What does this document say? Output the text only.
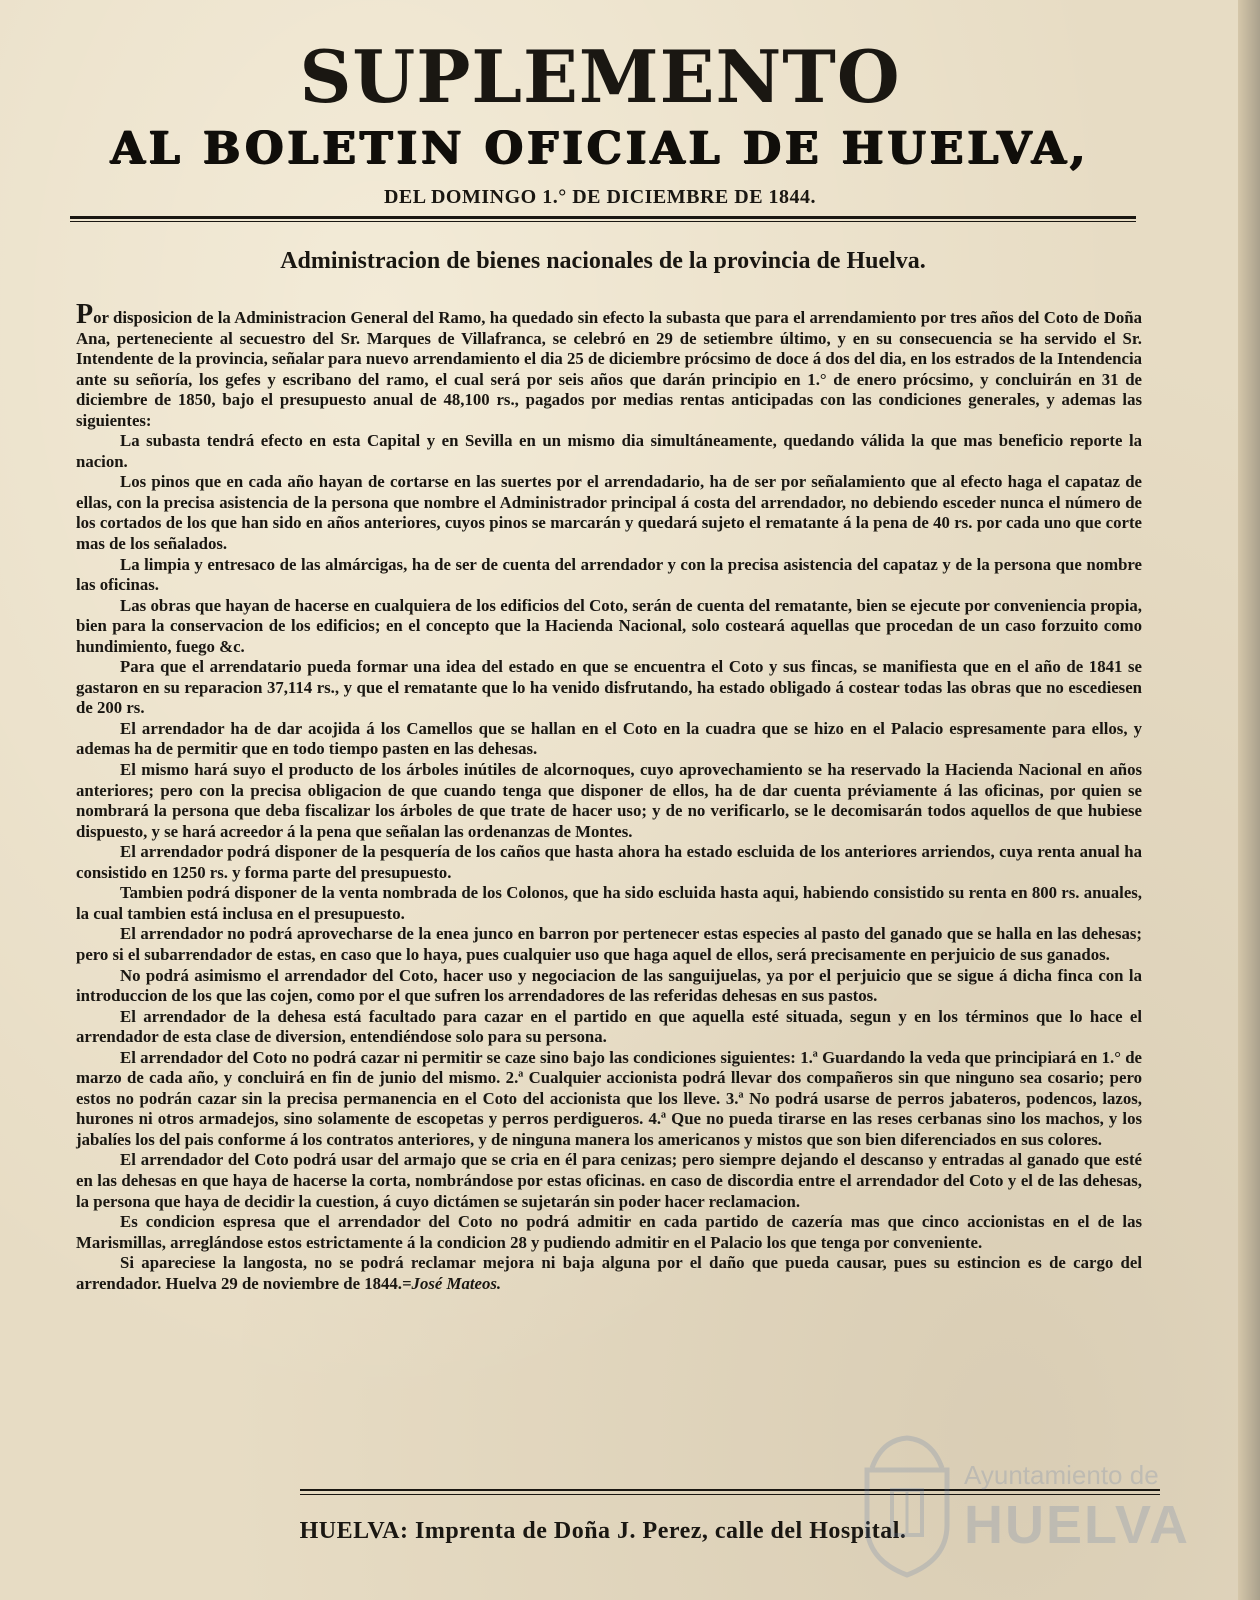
SUPLEMENTO
AL BOLETIN OFICIAL DE HUELVA,
DEL DOMINGO 1.° DE DICIEMBRE DE 1844.
Administracion de bienes nacionales de la provincia de Huelva.

Por disposicion de la Administracion General del Ramo, ha quedado sin efecto la subasta que para el arrendamiento por tres años del Coto de Doña Ana, perteneciente al secuestro del Sr. Marques de Villafranca, se celebró en 29 de setiembre último, y en su consecuencia se ha servido el Sr. Intendente de la provincia, señalar para nuevo arrendamiento el dia 25 de diciembre prócsimo de doce á dos del dia, en los estrados de la Intendencia ante su señoría, los gefes y escribano del ramo, el cual será por seis años que darán principio en 1.° de enero prócsimo, y concluirán en 31 de diciembre de 1850, bajo el presupuesto anual de 48,100 rs., pagados por medias rentas anticipadas con las condiciones generales, y ademas las siguientes:

La subasta tendrá efecto en esta Capital y en Sevilla en un mismo dia simultáneamente, quedando válida la que mas beneficio reporte la nacion.

Los pinos que en cada año hayan de cortarse en las suertes por el arrendadario, ha de ser por señalamiento que al efecto haga el capataz de ellas, con la precisa asistencia de la persona que nombre el Administrador principal á costa del arrendador, no debiendo esceder nunca el número de los cortados de los que han sido en años anteriores, cuyos pinos se marcarán y quedará sujeto el rematante á la pena de 40 rs. por cada uno que corte mas de los señalados.

La limpia y entresaco de las almárcigas, ha de ser de cuenta del arrendador y con la precisa asistencia del capataz y de la persona que nombre las oficinas.

Las obras que hayan de hacerse en cualquiera de los edificios del Coto, serán de cuenta del rematante, bien se ejecute por conveniencia propia, bien para la conservacion de los edificios; en el concepto que la Hacienda Nacional, solo costeará aquellas que procedan de un caso forzuito como hundimiento, fuego &c.

Para que el arrendatario pueda formar una idea del estado en que se encuentra el Coto y sus fincas, se manifiesta que en el año de 1841 se gastaron en su reparacion 37,114 rs., y que el rematante que lo ha venido disfrutando, ha estado obligado á costear todas las obras que no escediesen de 200 rs.

El arrendador ha de dar acojida á los Camellos que se hallan en el Coto en la cuadra que se hizo en el Palacio espresamente para ellos, y ademas ha de permitir que en todo tiempo pasten en las dehesas.

El mismo hará suyo el producto de los árboles inútiles de alcornoques, cuyo aprovechamiento se ha reservado la Hacienda Nacional en años anteriores; pero con la precisa obligacion de que cuando tenga que disponer de ellos, ha de dar cuenta préviamente á las oficinas, por quien se nombrará la persona que deba fiscalizar los árboles de que trate de hacer uso; y de no verificarlo, se le decomisarán todos aquellos de que hubiese dispuesto, y se hará acreedor á la pena que señalan las ordenanzas de Montes.

El arrendador podrá disponer de la pesquería de los caños que hasta ahora ha estado escluida de los anteriores arriendos, cuya renta anual ha consistido en 1250 rs. y forma parte del presupuesto.

Tambien podrá disponer de la venta nombrada de los Colonos, que ha sido escluida hasta aqui, habiendo consistido su renta en 800 rs. anuales, la cual tambien está inclusa en el presupuesto.

El arrendador no podrá aprovecharse de la enea junco en barron por pertenecer estas especies al pasto del ganado que se halla en las dehesas; pero si el subarrendador de estas, en caso que lo haya, pues cualquier uso que haga aquel de ellos, será precisamente en perjuicio de sus ganados.

No podrá asimismo el arrendador del Coto, hacer uso y negociacion de las sanguijuelas, ya por el perjuicio que se sigue á dicha finca con la introduccion de los que las cojen, como por el que sufren los arrendadores de las referidas dehesas en sus pastos.

El arrendador de la dehesa está facultado para cazar en el partido en que aquella esté situada, segun y en los términos que lo hace el arrendador de esta clase de diversion, entendiéndose solo para su persona.

El arrendador del Coto no podrá cazar ni permitir se caze sino bajo las condiciones siguientes: 1.ª Guardando la veda que principiará en 1.° de marzo de cada año, y concluirá en fin de junio del mismo. 2.ª Cualquier accionista podrá llevar dos compañeros sin que ninguno sea cosario; pero estos no podrán cazar sin la precisa permanencia en el Coto del accionista que los lleve. 3.ª No podrá usarse de perros jabateros, podencos, lazos, hurones ni otros armadejos, sino solamente de escopetas y perros perdigueros. 4.ª Que no pueda tirarse en las reses cerbanas sino los machos, y los jabalíes los del pais conforme á los contratos anteriores, y de ninguna manera los americanos y mistos que son bien diferenciados en sus colores.

El arrendador del Coto podrá usar del armajo que se cria en él para cenizas; pero siempre dejando el descanso y entradas al ganado que esté en las dehesas en que haya de hacerse la corta, nombrándose por estas oficinas. en caso de discordia entre el arrendador del Coto y el de las dehesas, la persona que haya de decidir la cuestion, á cuyo dictámen se sujetarán sin poder hacer reclamacion.

Es condicion espresa que el arrendador del Coto no podrá admitir en cada partido de cazería mas que cinco accionistas en el de las Marismillas, arreglándose estos estrictamente á la condicion 28 y pudiendo admitir en el Palacio los que tenga por conveniente.

Si apareciese la langosta, no se podrá reclamar mejora ni baja alguna por el daño que pueda causar, pues su estincion es de cargo del arrendador. Huelva 29 de noviembre de 1844.=José Mateos.

HUELVA: Imprenta de Doña J. Perez, calle del Hospital.
Ayuntamiento de
HUELVA
